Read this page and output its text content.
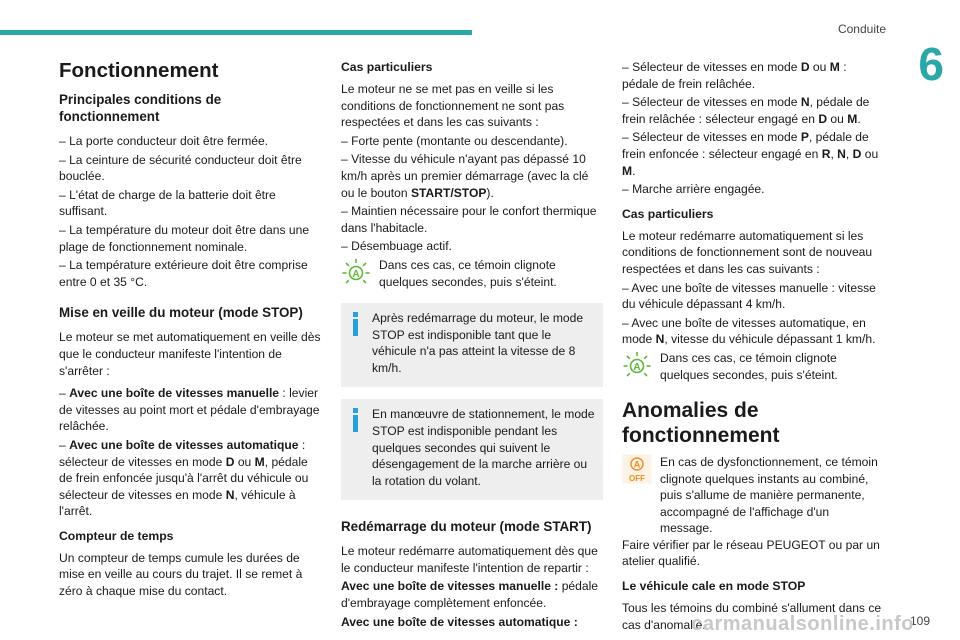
Conduite
6
Fonctionnement
Principales conditions de fonctionnement

– La porte conducteur doit être fermée.

– La ceinture de sécurité conducteur doit être bouclée.

– L'état de charge de la batterie doit être suffisant.

– La température du moteur doit être dans une plage de fonctionnement nominale.

– La température extérieure doit être comprise entre 0 et 35 °C.

Mise en veille du moteur (mode STOP)

Le moteur se met automatiquement en veille dès que le conducteur manifeste l'intention de s'arrêter :

– Avec une boîte de vitesses manuelle : levier de vitesses au point mort et pédale d'embrayage relâchée.

– Avec une boîte de vitesses automatique : sélecteur de vitesses en mode D ou M, pédale de frein enfoncée jusqu'à l'arrêt du véhicule ou sélecteur de vitesses en mode N, véhicule à l'arrêt.

Compteur de temps

Un compteur de temps cumule les durées de mise en veille au cours du trajet. Il se remet à zéro à chaque mise du contact.

Cas particuliers

Le moteur ne se met pas en veille si les conditions de fonctionnement ne sont pas respectées et dans les cas suivants :

– Forte pente (montante ou descendante).

– Vitesse du véhicule n'ayant pas dépassé 10 km/h après un premier démarrage (avec la clé ou le bouton START/STOP).

– Maintien nécessaire pour le confort thermique dans l'habitacle.

– Désembuage actif.

A
Dans ces cas, ce témoin clignote quelques secondes, puis s'éteint.

Après redémarrage du moteur, le mode STOP est indisponible tant que le véhicule n'a pas atteint la vitesse de 8 km/h.

En manœuvre de stationnement, le mode STOP est indisponible pendant les quelques secondes qui suivent le désengagement de la marche arrière ou la rotation du volant.

Redémarrage du moteur (mode START)

Le moteur redémarre automatiquement dès que le conducteur manifeste l'intention de repartir :

Avec une boîte de vitesses manuelle : pédale d'embrayage complètement enfoncée.

Avec une boîte de vitesses automatique :

– Sélecteur de vitesses en mode D ou M : pédale de frein relâchée.

– Sélecteur de vitesses en mode N, pédale de frein relâchée : sélecteur engagé en D ou M.

– Sélecteur de vitesses en mode P, pédale de frein enfoncée : sélecteur engagé en R, N, D ou M.

– Marche arrière engagée.

Cas particuliers

Le moteur redémarre automatiquement si les conditions de fonctionnement sont de nouveau respectées et dans les cas suivants :

– Avec une boîte de vitesses manuelle : vitesse du véhicule dépassant 4 km/h.

– Avec une boîte de vitesses automatique, en mode N, vitesse du véhicule dépassant 1 km/h.

A
Dans ces cas, ce témoin clignote quelques secondes, puis s'éteint.
Anomalies de fonctionnement
A
OFF
En cas de dysfonctionnement, ce témoin clignote quelques instants au combiné, puis s'allume de manière permanente, accompagné de l'affichage d'un message.

Faire vérifier par le réseau PEUGEOT ou par un atelier qualifié.

Le véhicule cale en mode STOP

Tous les témoins du combiné s'allument dans ce cas d'anomalie.	109
carmanualsonline.info
